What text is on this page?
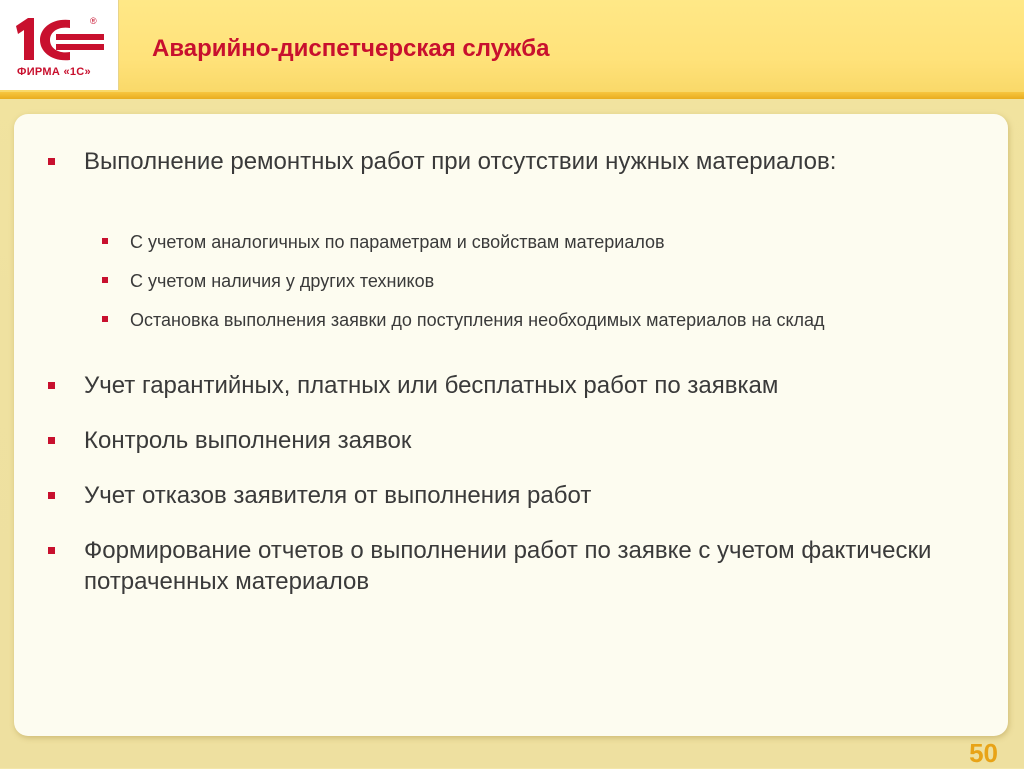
®
ФИРМА «1С»
Аварийно-диспетчерская служба
Выполнение ремонтных работ при отсутствии нужных материалов:
С учетом аналогичных по параметрам и свойствам материалов
С учетом наличия у других техников
Остановка выполнения заявки до поступления необходимых материалов на склад
Учет гарантийных, платных или бесплатных работ по заявкам
Контроль выполнения заявок
Учет отказов заявителя от выполнения работ
Формирование отчетов о выполнении работ по заявке с учетом фактически потраченных материалов
50
